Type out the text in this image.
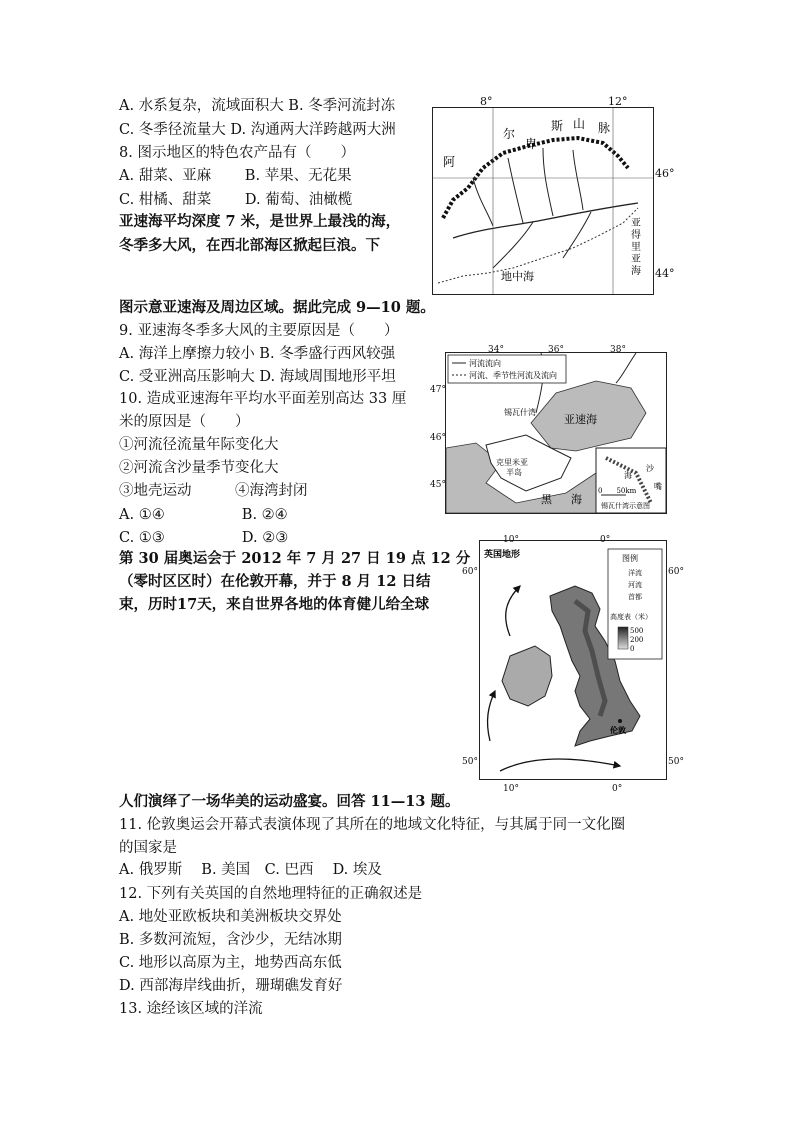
A. 水系复杂，流域面积大 B. 冬季河流封冻
C. 冬季径流量大 D. 沟通两大洋跨越两大洲
8. 图示地区的特色农产品有（　　）
A. 甜菜、亚麻　　 B. 苹果、无花果
C. 柑橘、甜菜　　 D. 葡萄、油橄榄
亚速海平均深度 7 米，是世界上最浅的海，
冬季多大风，在西北部海区掀起巨浪。下
图示意亚速海及周边区域。据此完成 9—10 题。
9. 亚速海冬季多大风的主要原因是（　　）
A. 海洋上摩擦力较小 B. 冬季盛行西风较强
C. 受亚洲高压影响大 D. 海域周围地形平坦
10. 造成亚速海年平均水平面差别高达 33 厘
米的原因是（　　）
①河流径流量年际变化大
②河流含沙量季节变化大
③地壳运动　　　④海湾封闭
A. ①④　　　　　 B. ②④
C. ①③　　　　　 D. ②③
第 30 届奥运会于 2012 年 7 月 27 日 19 点 12 分
（零时区区时）在伦敦开幕，并于 8 月 12 日结
束，历时17天，来自世界各地的体育健儿给全球
人们演绎了一场华美的运动盛宴。回答 11—13 题。
11. 伦敦奥运会开幕式表演体现了其所在的地域文化特征，与其属于同一文化圈
的国家是
A. 俄罗斯　 B. 美国　C. 巴西　 D. 埃及
12. 下列有关英国的自然地理特征的正确叙述是
A. 地处亚欧板块和美洲板块交界处
B. 多数河流短，含沙少，无结冰期
C. 地形以高原为主，地势西高东低
D. 西部海岸线曲折，珊瑚礁发育好
13. 途经该区域的洋流
卑
尔
阿
斯 山 脉
地中海
亚
得
里
亚
海
8°	12°
46°
44°
河流流向
河流、季节性河流及流向
亚速海
锡瓦什湾
克里米亚
半岛
黑 海
0　　50km
锡瓦什湾示意图
沙
嘴
海
34°	36°	38°
47°
46°
45°
图例
洋流
河流
首都
高度表（米）
500
200
0
英国地形
伦敦
10°	0°
60°
50°
60°
50°
10°	0°
